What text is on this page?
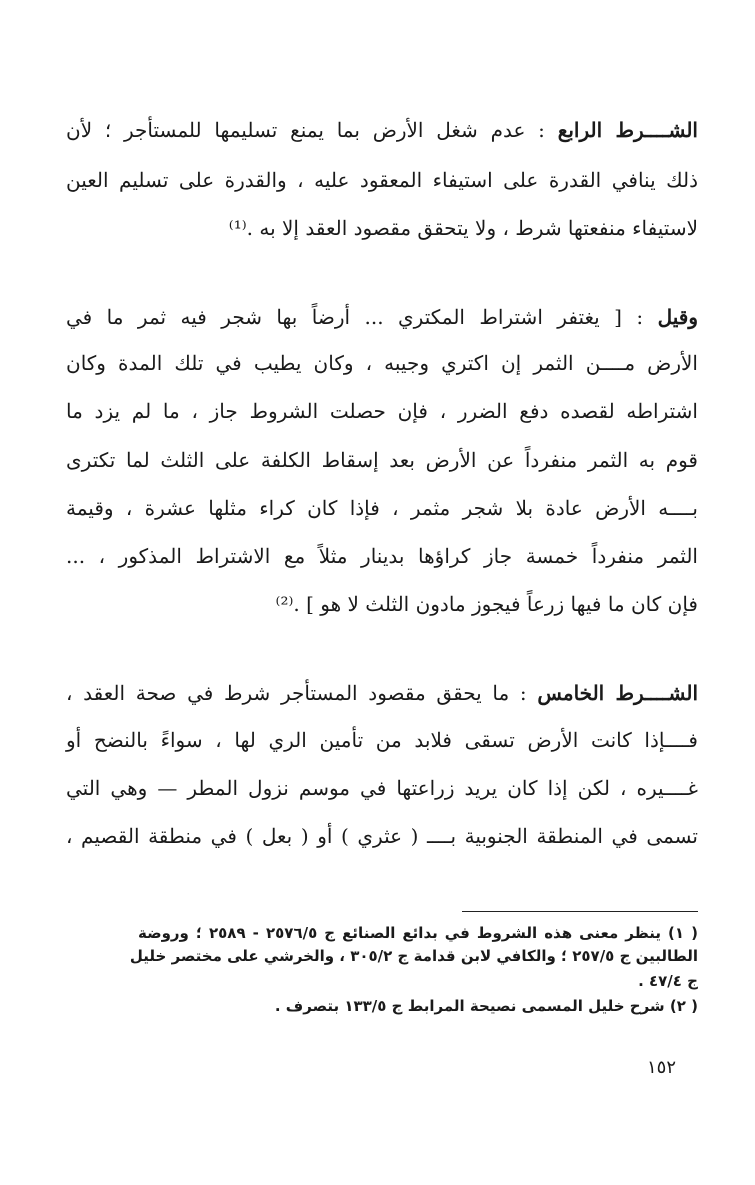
الشــــرط الرابع : عدم شغل الأرض بما يمنع تسليمها للمستأجر ؛ لأن
ذلك ينافي القدرة على استيفاء المعقود عليه ، والقدرة على تسليم العين
لاستيفاء منفعتها شرط ، ولا يتحقق مقصود العقد إلا به .⁽¹⁾
وقيل : [ يغتفر اشتراط المكتري ... أرضاً بها شجر فيه ثمر ما في
الأرض مــــن الثمر إن اكتري وجيبه ، وكان يطيب في تلك المدة وكان
اشتراطه لقصده دفع الضرر ، فإن حصلت الشروط جاز ، ما لم يزد ما
قوم به الثمر منفرداً عن الأرض بعد إسقاط الكلفة على الثلث لما تكترى
بــــه الأرض عادة بلا شجر مثمر ، فإذا كان كراء مثلها عشرة ، وقيمة
الثمر منفرداً خمسة جاز كراؤها بدينار مثلاً مع الاشتراط المذكور ، ...
فإن كان ما فيها زرعاً فيجوز مادون الثلث لا هو ] .⁽²⁾
الشــــرط الخامس : ما يحقق مقصود المستأجر شرط في صحة العقد ،
فــــإذا كانت الأرض تسقى فلابد من تأمين الري لها ، سواءً بالنضح أو
غــــيره ، لكن إذا كان يريد زراعتها في موسم نزول المطر — وهي التي
تسمى في المنطقة الجنوبية بــــ ( عثري ) أو ( بعل ) في منطقة القصيم ،
( ١) ينظر معنى هذه الشروط في بدائع الصنائع ج ٢٥٧٦/٥ - ٢٥٨٩ ؛ وروضة
الطالبين ج ٢٥٧/٥ ؛ والكافي لابن قدامة ج ٣٠٥/٢ ، والخرشي على مختصر خليل
ج ٤٧/٤ .
( ٢) شرح خليل المسمى نصيحة المرابط ج ١٣٣/٥ بتصرف .
١٥٢
